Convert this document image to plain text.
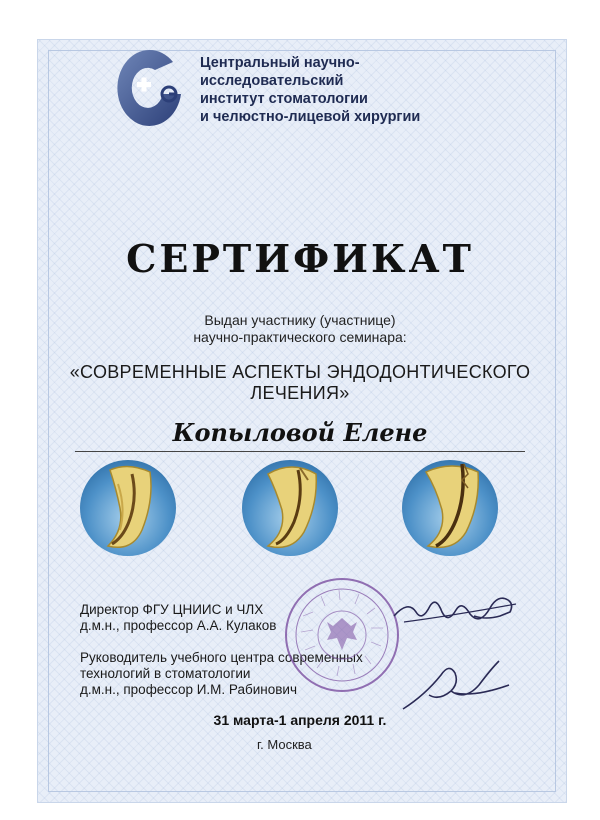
Центральный научно-
исследовательский
институт стоматологии
и челюстно-лицевой хирургии
СЕРТИФИКАТ
Выдан участнику (участнице)
научно-практического семинара:
«СОВРЕМЕННЫЕ АСПЕКТЫ ЭНДОДОНТИЧЕСКОГО
ЛЕЧЕНИЯ»
Копыловой Елене
Директор ФГУ ЦНИИС и ЧЛХ
д.м.н., профессор А.А. Кулаков
Руководитель учебного центра современных
технологий в стоматологии
д.м.н., профессор И.М. Рабинович
31 марта-1 апреля 2011 г.
г. Москва
